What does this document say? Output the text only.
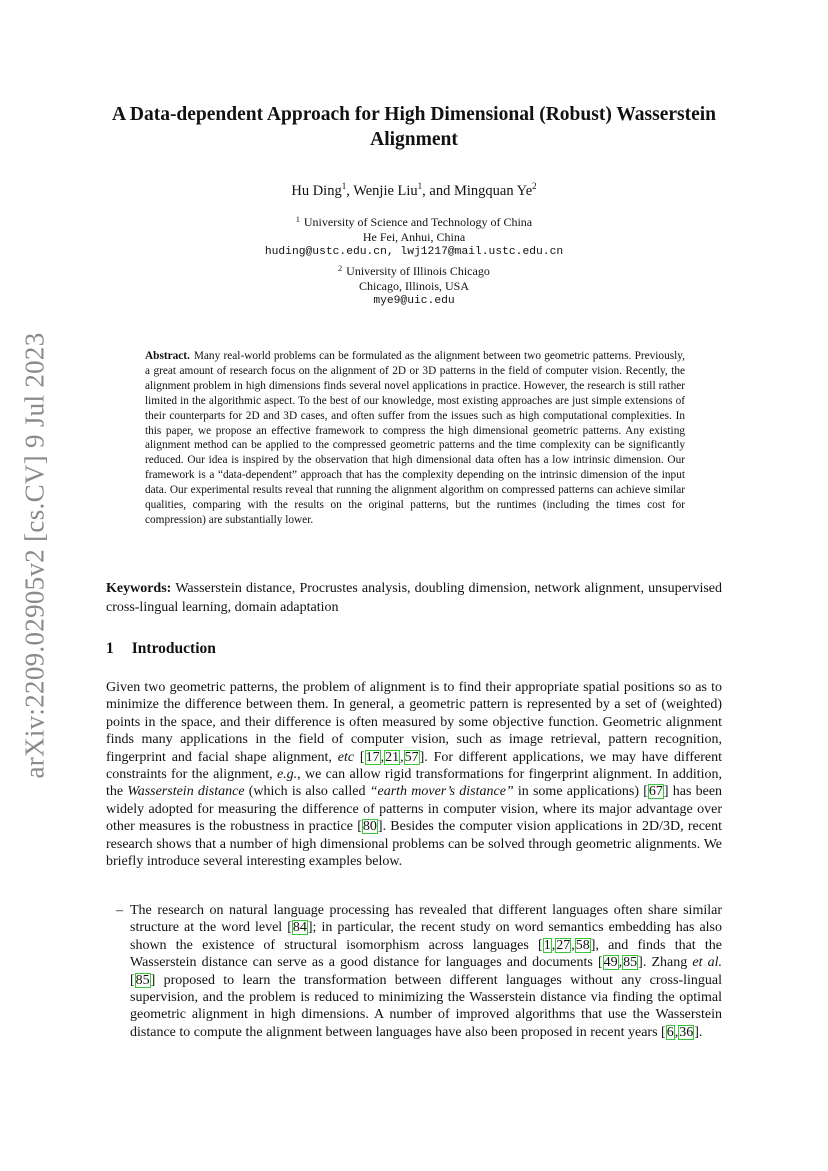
arXiv:2209.02905v2 [cs.CV] 9 Jul 2023
A Data-dependent Approach for High Dimensional (Robust) Wasserstein Alignment
Hu Ding$^1$, Wenjie Liu$^1$, and Mingquan Ye$^2$
$^1$ University of Science and Technology of China
He Fei, Anhui, China
huding@ustc.edu.cn, lwj1217@mail.ustc.edu.cn
$^2$ University of Illinois Chicago
Chicago, Illinois, USA
mye9@uic.edu
Abstract. Many real-world problems can be formulated as the alignment between two geometric patterns. Previously, a great amount of research focus on the alignment of 2D or 3D patterns in the field of computer vision. Recently, the alignment problem in high dimensions finds several novel applications in practice. However, the research is still rather limited in the algorithmic aspect. To the best of our knowledge, most existing approaches are just simple extensions of their counterparts for 2D and 3D cases, and often suffer from the issues such as high computational complexities. In this paper, we propose an effective framework to compress the high dimensional geometric patterns. Any existing alignment method can be applied to the compressed geometric patterns and the time complexity can be significantly reduced. Our idea is inspired by the observation that high dimensional data often has a low intrinsic dimension. Our framework is a “data-dependent” approach that has the complexity depending on the intrinsic dimension of the input data. Our experimental results reveal that running the alignment algorithm on compressed patterns can achieve similar qualities, comparing with the results on the original patterns, but the runtimes (including the times cost for compression) are substantially lower.
Keywords: Wasserstein distance, Procrustes analysis, doubling dimension, network alignment, unsupervised cross-lingual learning, domain adaptation
1 Introduction
Given two geometric patterns, the problem of alignment is to find their appropriate spatial positions so as to minimize the difference between them. In general, a geometric pattern is represented by a set of (weighted) points in the space, and their difference is often measured by some objective function. Geometric alignment finds many applications in the field of computer vision, such as image retrieval, pattern recognition, fingerprint and facial shape alignment, etc [17,21,57]. For different applications, we may have different constraints for the alignment, e.g., we can allow rigid transformations for fingerprint alignment. In addition, the Wasserstein distance (which is also called “earth mover’s distance” in some applications) [67] has been widely adopted for measuring the difference of patterns in computer vision, where its major advantage over other measures is the robustness in practice [80]. Besides the computer vision applications in 2D/3D, recent research shows that a number of high dimensional problems can be solved through geometric alignments. We briefly introduce several interesting examples below.
– The research on natural language processing has revealed that different languages often share similar structure at the word level [84]; in particular, the recent study on word semantics embedding has also shown the existence of structural isomorphism across languages [1,27,58], and finds that the Wasserstein distance can serve as a good distance for languages and documents [49,85]. Zhang et al. [85] proposed to learn the transformation between different languages without any cross-lingual supervision, and the problem is reduced to minimizing the Wasserstein distance via finding the optimal geometric alignment in high dimensions. A number of improved algorithms that use the Wasserstein distance to compute the alignment between languages have also been proposed in recent years [6,36].
